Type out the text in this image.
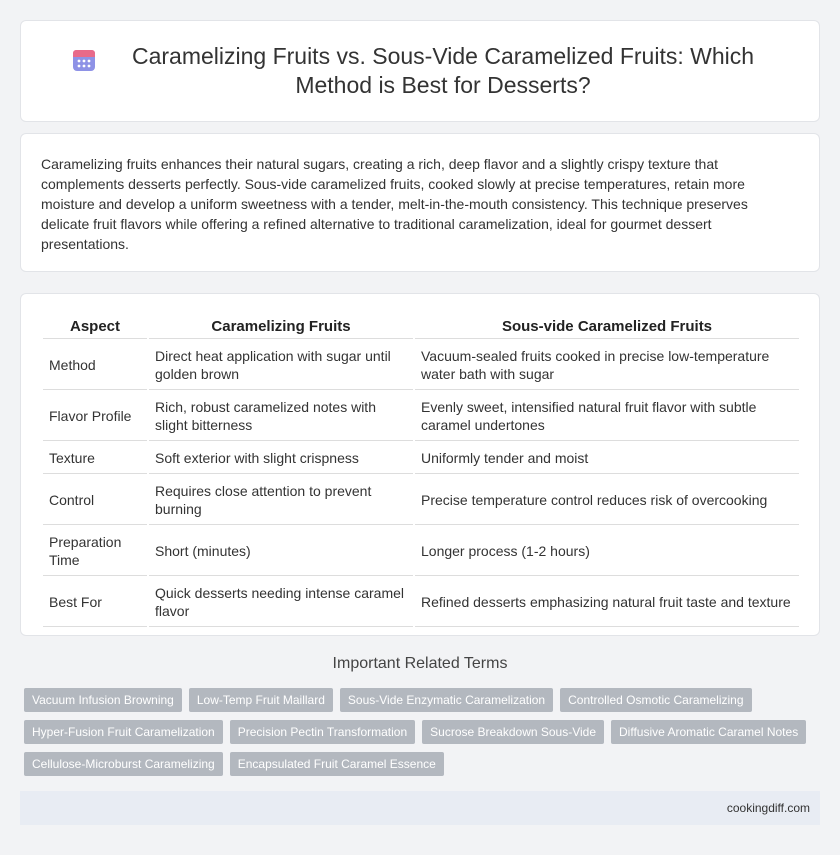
Caramelizing Fruits vs. Sous-Vide Caramelized Fruits: Which Method is Best for Desserts?

Caramelizing fruits enhances their natural sugars, creating a rich, deep flavor and a slightly crispy texture that complements desserts perfectly. Sous-vide caramelized fruits, cooked slowly at precise temperatures, retain more moisture and develop a uniform sweetness with a tender, melt-in-the-mouth consistency. This technique preserves delicate fruit flavors while offering a refined alternative to traditional caramelization, ideal for gourmet dessert presentations.

Aspect	Caramelizing Fruits	Sous-vide Caramelized Fruits
Method	Direct heat application with sugar until golden brown	Vacuum-sealed fruits cooked in precise low-temperature water bath with sugar
Flavor Profile	Rich, robust caramelized notes with slight bitterness	Evenly sweet, intensified natural fruit flavor with subtle caramel undertones
Texture	Soft exterior with slight crispness	Uniformly tender and moist
Control	Requires close attention to prevent burning	Precise temperature control reduces risk of overcooking
Preparation Time	Short (minutes)	Longer process (1-2 hours)
Best For	Quick desserts needing intense caramel flavor	Refined desserts emphasizing natural fruit taste and texture
Important Related Terms
Vacuum Infusion Browning	Low-Temp Fruit Maillard	Sous-Vide Enzymatic Caramelization	Controlled Osmotic Caramelizing
Hyper-Fusion Fruit Caramelization	Precision Pectin Transformation	Sucrose Breakdown Sous-Vide	Diffusive Aromatic Caramel Notes
Cellulose-Microburst Caramelizing	Encapsulated Fruit Caramel Essence
cookingdiff.com
